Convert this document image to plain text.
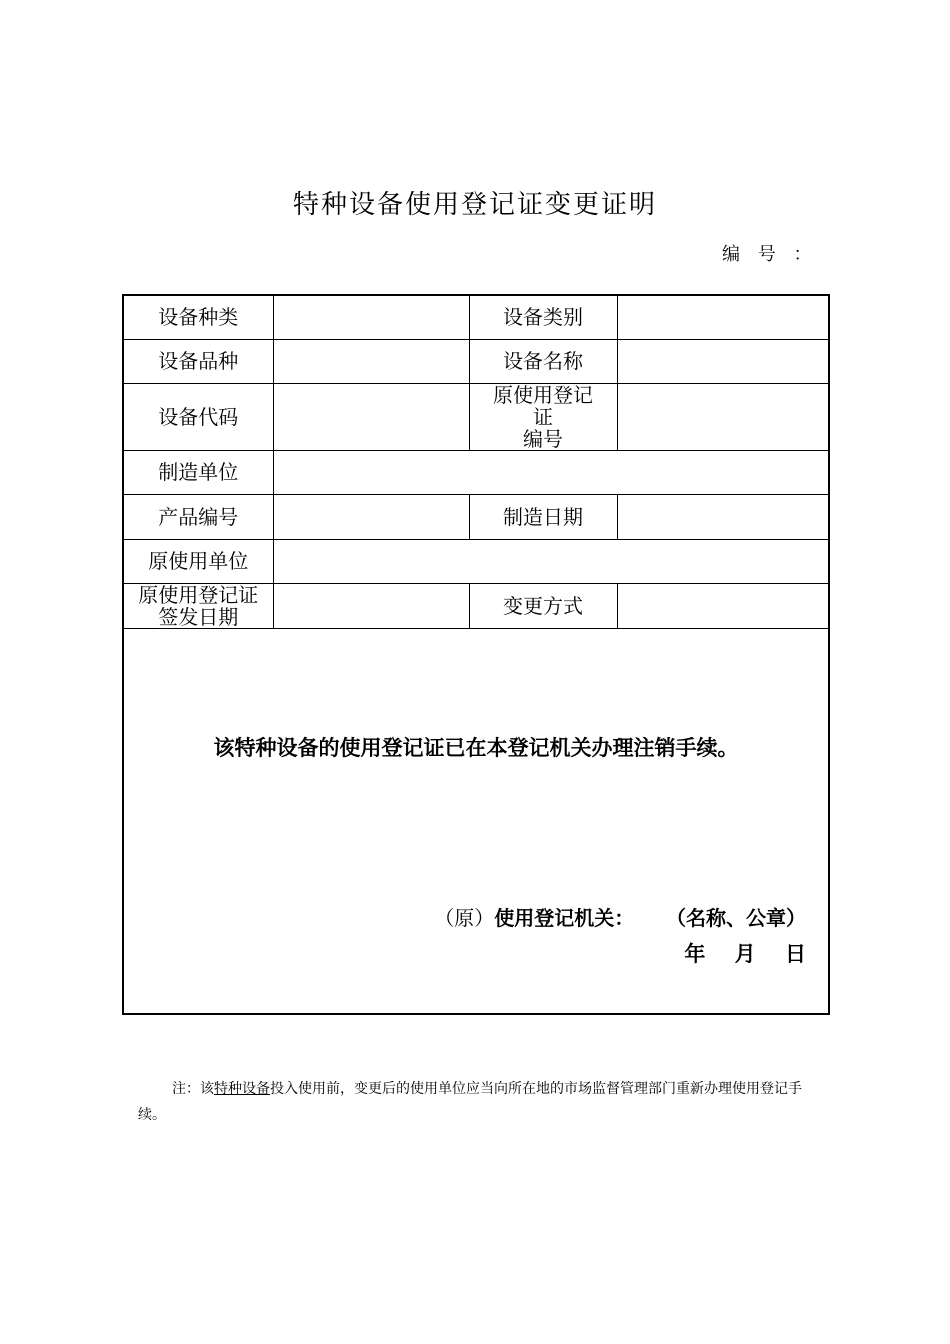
特种设备使用登记证变更证明
编 号 ：
设备种类		设备类别	
设备品种		设备名称	
设备代码		原使用登记
证
编号	

制造单位			
产品编号		制造日期	
原使用单位			

原使用登记证
签发日期		变更方式	

该特种设备的使用登记证已在本登记机关办理注销手续。
（原）使用登记机关： （名称、公章）
年 月 日			
注：该特种设备投入使用前，变更后的使用单位应当向所在地的市场监督管理部门重新办理使用登记手续。
